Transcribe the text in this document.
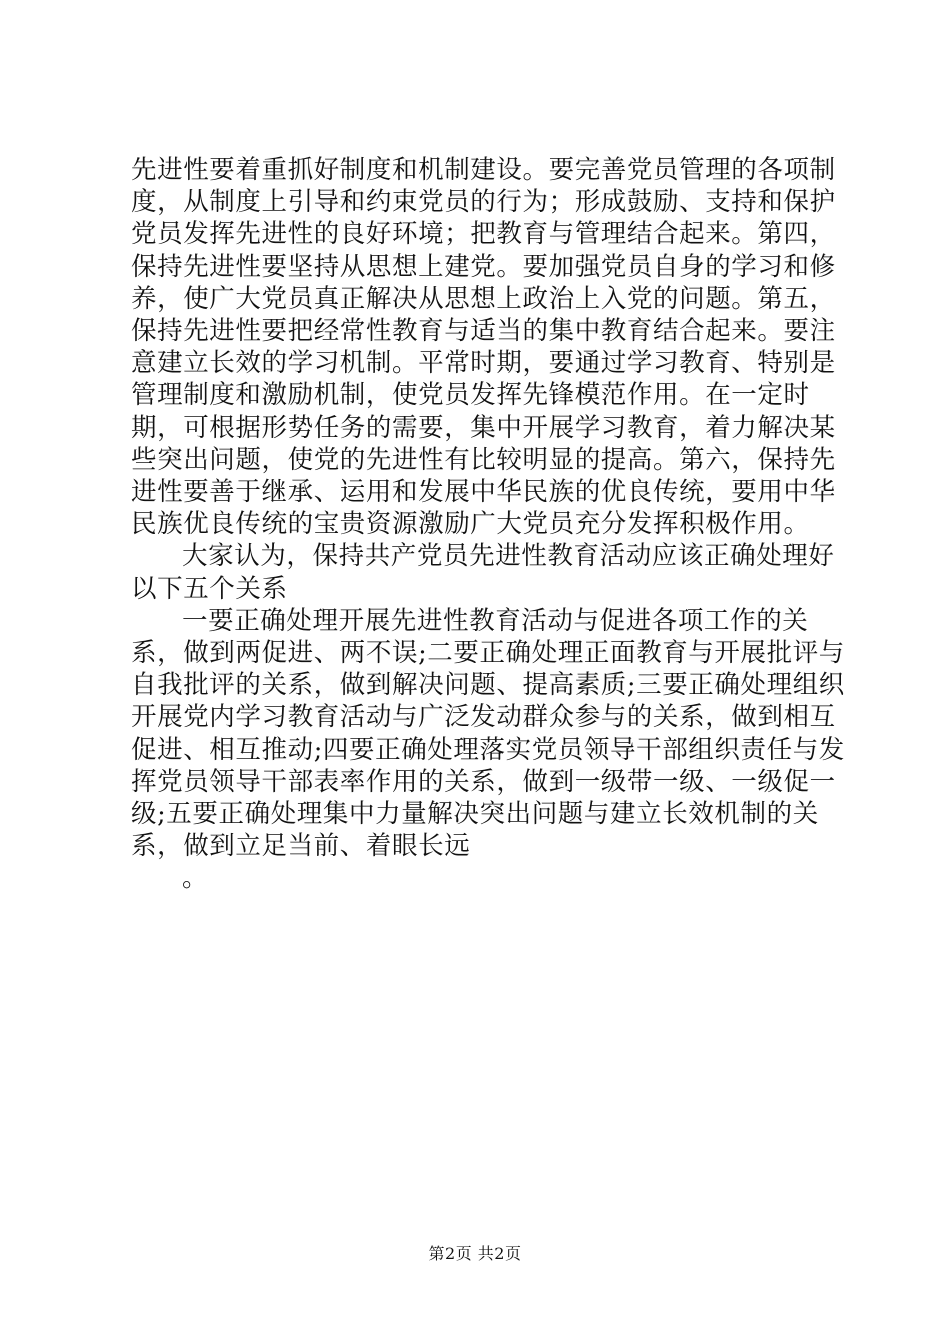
先进性要着重抓好制度和机制建设。要完善党员管理的各项制度，从制度上引导和约束党员的行为；形成鼓励、支持和保护党员发挥先进性的良好环境；把教育与管理结合起来。第四，保持先进性要坚持从思想上建党。要加强党员自身的学习和修养，使广大党员真正解决从思想上政治上入党的问题。第五，保持先进性要把经常性教育与适当的集中教育结合起来。要注意建立长效的学习机制。平常时期，要通过学习教育、特别是管理制度和激励机制，使党员发挥先锋模范作用。在一定时期，可根据形势任务的需要，集中开展学习教育，着力解决某些突出问题，使党的先进性有比较明显的提高。第六，保持先进性要善于继承、运用和发展中华民族的优良传统，要用中华民族优良传统的宝贵资源激励广大党员充分发挥积极作用。

大家认为，保持共产党员先进性教育活动应该正确处理好以下五个关系

一要正确处理开展先进性教育活动与促进各项工作的关系，做到两促进、两不误;二要正确处理正面教育与开展批评与自我批评的关系，做到解决问题、提高素质;三要正确处理组织开展党内学习教育活动与广泛发动群众参与的关系，做到相互促进、相互推动;四要正确处理落实党员领导干部组织责任与发挥党员领导干部表率作用的关系，做到一级带一级、一级促一级;五要正确处理集中力量解决突出问题与建立长效机制的关系，做到立足当前、着眼长远

。

第2页 共2页
